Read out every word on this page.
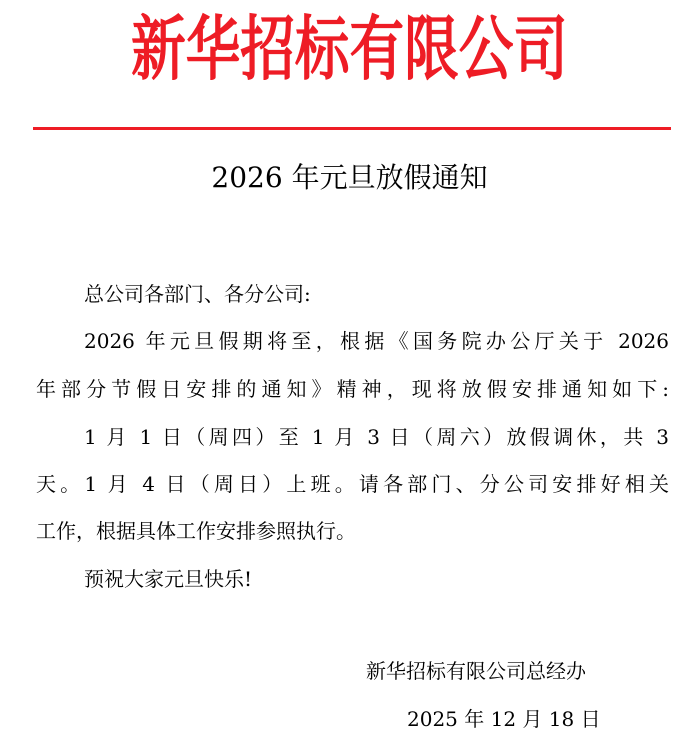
新华招标有限公司
2026 年元旦放假通知
总公司各部门、各分公司:
2026 年元旦假期将至，根据《国务院办公厅关于 2026
年部分节假日安排的通知》精神，现将放假安排通知如下:
1 月 1 日（周四）至 1 月 3 日（周六）放假调休，共 3
天。1 月 4 日（周日）上班。请各部门、分公司安排好相关
工作，根据具体工作安排参照执行。
预祝大家元旦快乐!
新华招标有限公司总经办
2025 年 12 月 18 日
